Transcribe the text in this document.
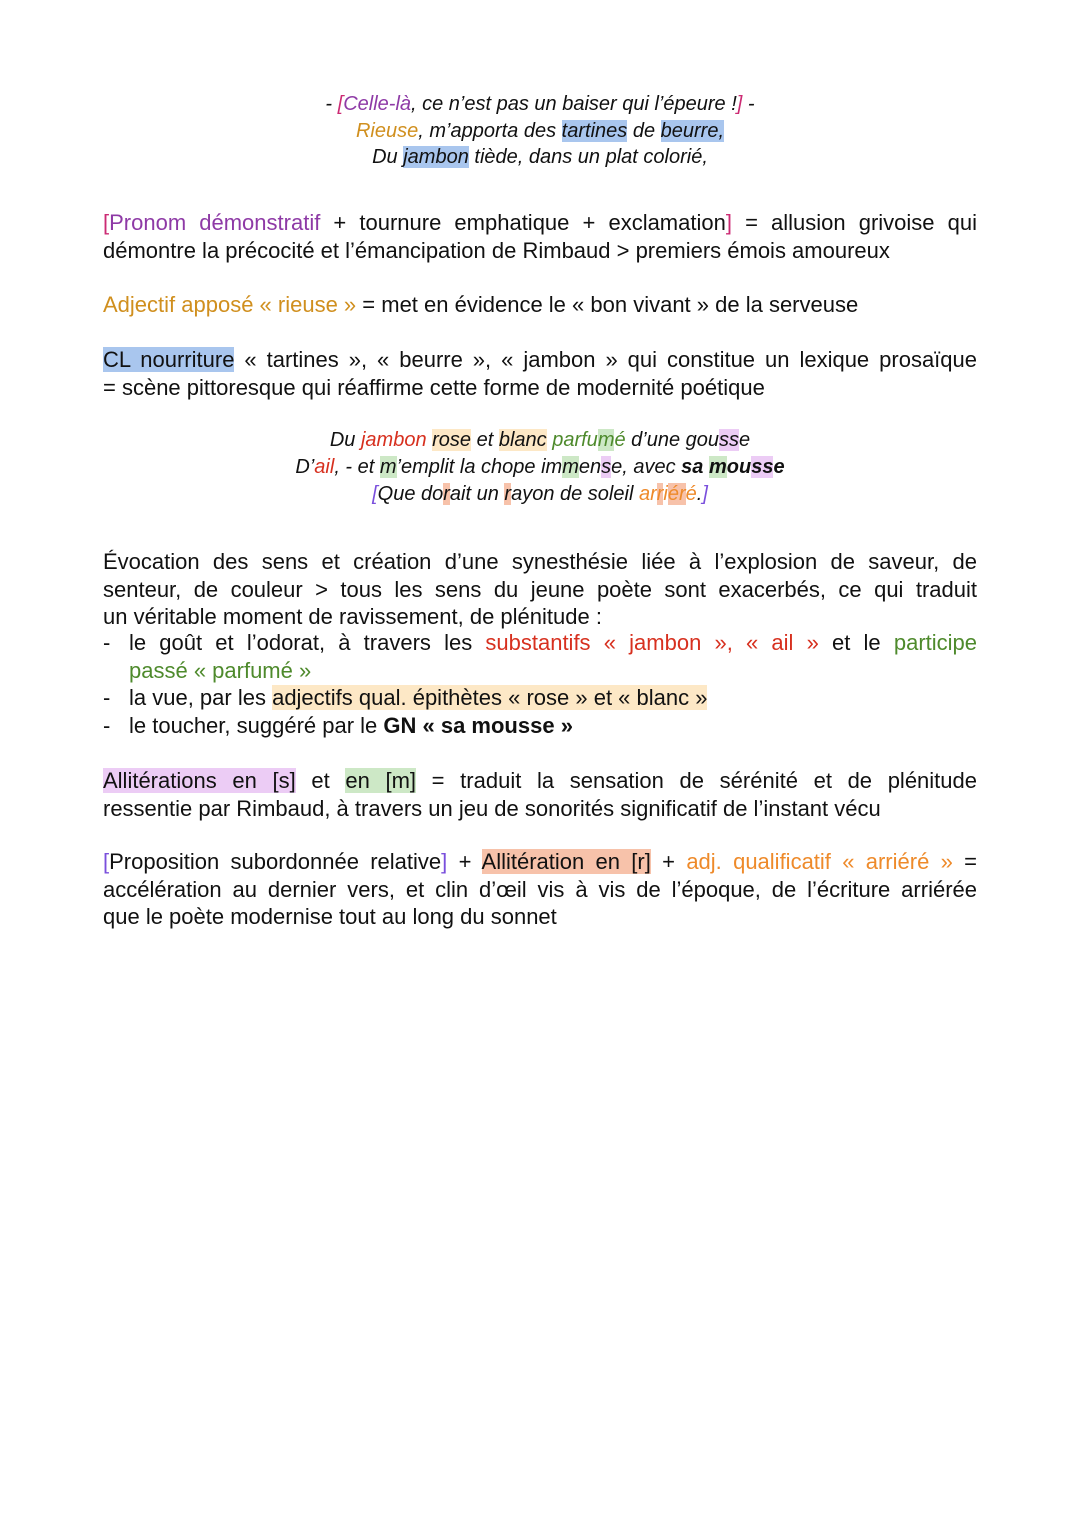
- [Celle-là, ce n’est pas un baiser qui l’épeure !] -
Rieuse, m’apporta des tartines de beurre,
Du jambon tiède, dans un plat colorié,
[Pronom démonstratif + tournure emphatique + exclamation] = allusion grivoise qui
démontre la précocité et l’émancipation de Rimbaud > premiers émois amoureux
Adjectif apposé « rieuse » = met en évidence le « bon vivant » de la serveuse
CL nourriture « tartines », « beurre », « jambon » qui constitue un lexique prosaïque
= scène pittoresque qui réaffirme cette forme de modernité poétique
Du jambon rose et blanc parfumé d’une gousse
D’ail, - et m’emplit la chope immense, avec sa mousse
[Que dorait un rayon de soleil arriéré.]
Évocation des sens et création d’une synesthésie liée à l’explosion de saveur, de
senteur, de couleur > tous les sens du jeune poète sont exacerbés, ce qui traduit
un véritable moment de ravissement, de plénitude :
- le goût et l’odorat, à travers les substantifs « jambon », « ail » et le participe
passé « parfumé »
- la vue, par les adjectifs qual. épithètes « rose » et « blanc »
- le toucher, suggéré par le GN « sa mousse »
Allitérations en [s] et en [m] = traduit la sensation de sérénité et de plénitude
ressentie par Rimbaud, à travers un jeu de sonorités significatif de l’instant vécu
[Proposition subordonnée relative] + Allitération en [r] + adj. qualificatif « arriéré » =
accélération au dernier vers, et clin d’œil vis à vis de l’époque, de l’écriture arriérée
que le poète modernise tout au long du sonnet
